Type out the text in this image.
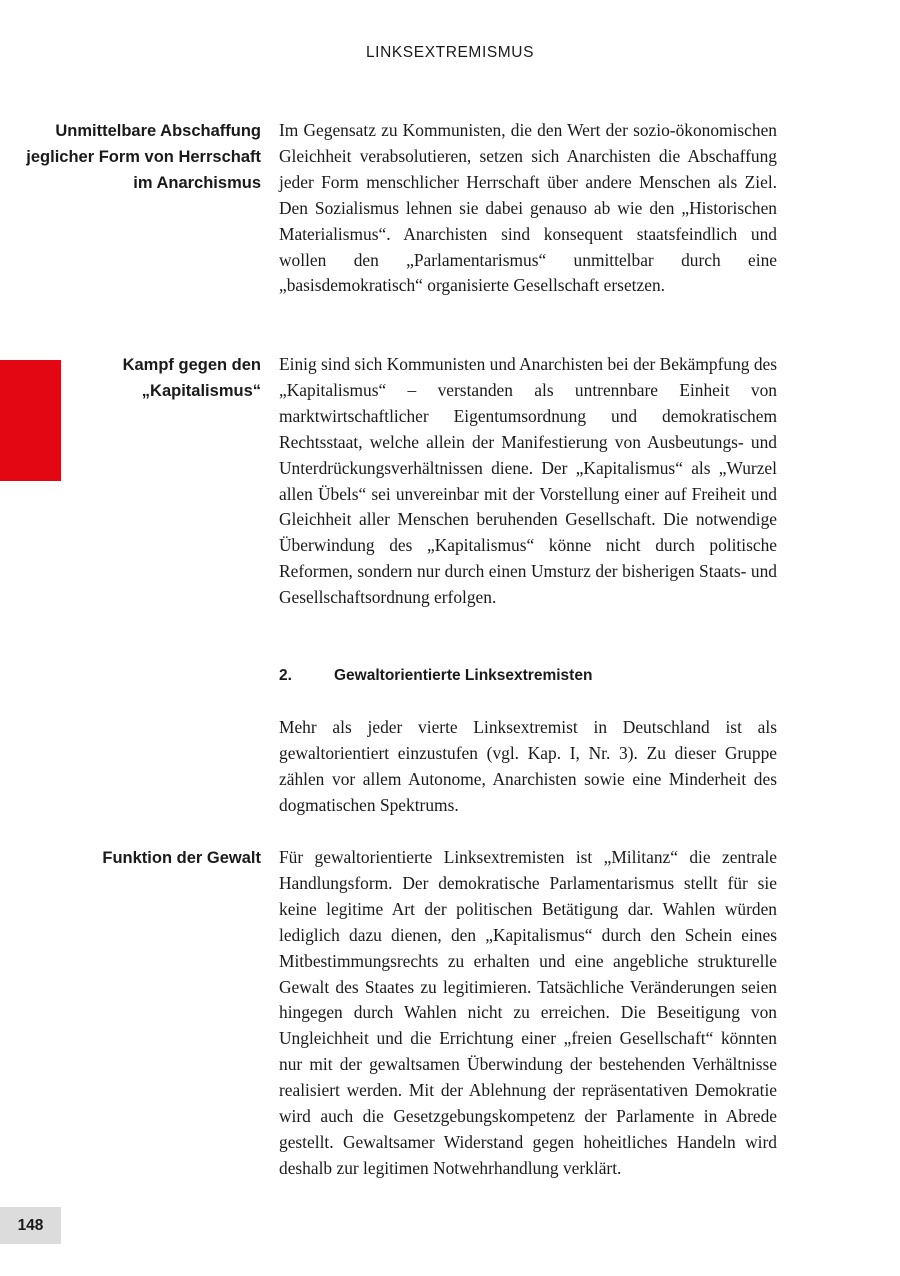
LINKSEXTREMISMUS
Unmittelbare Abschaffung jeglicher Form von Herrschaft im Anarchismus

Im Gegensatz zu Kommunisten, die den Wert der sozio-ökonomischen Gleichheit verabsolutieren, setzen sich Anarchisten die Abschaffung jeder Form menschlicher Herrschaft über andere Menschen als Ziel. Den Sozialismus lehnen sie dabei genauso ab wie den „Historischen Materialismus“. Anarchisten sind konsequent staatsfeindlich und wollen den „Parlamentarismus“ unmittelbar durch eine „basisdemokratisch“ organisierte Gesellschaft ersetzen.

Kampf gegen den „Kapitalismus“

Einig sind sich Kommunisten und Anarchisten bei der Bekämpfung des „Kapitalismus“ – verstanden als untrennbare Einheit von marktwirtschaftlicher Eigentumsordnung und demokratischem Rechtsstaat, welche allein der Manifestierung von Ausbeutungs- und Unterdrückungsverhältnissen diene. Der „Kapitalismus“ als „Wurzel allen Übels“ sei unvereinbar mit der Vorstellung einer auf Freiheit und Gleichheit aller Menschen beruhenden Gesellschaft. Die notwendige Überwindung des „Kapitalismus“ könne nicht durch politische Reformen, sondern nur durch einen Umsturz der bisherigen Staats- und Gesellschaftsordnung erfolgen.

2.	Gewaltorientierte Linksextremisten

Mehr als jeder vierte Linksextremist in Deutschland ist als gewaltorientiert einzustufen (vgl. Kap. I, Nr. 3). Zu dieser Gruppe zählen vor allem Autonome, Anarchisten sowie eine Minderheit des dogmatischen Spektrums.

Funktion der Gewalt Für gewaltorientierte Linksextremisten ist „Militanz“ die zentrale Handlungsform. Der demokratische Parlamentarismus stellt für sie keine legitime Art der politischen Betätigung dar. Wahlen würden lediglich dazu dienen, den „Kapitalismus“ durch den Schein eines Mitbestimmungsrechts zu erhalten und eine angebliche strukturelle Gewalt des Staates zu legitimieren. Tatsächliche Veränderungen seien hingegen durch Wahlen nicht zu erreichen. Die Beseitigung von Ungleichheit und die Errichtung einer „freien Gesellschaft“ könnten nur mit der gewaltsamen Überwindung der bestehenden Verhältnisse realisiert werden. Mit der Ablehnung der repräsentativen Demokratie wird auch die Gesetzgebungskompetenz der Parlamente in Abrede gestellt. Gewaltsamer Widerstand gegen hoheitliches Handeln wird deshalb zur legitimen Notwehrhandlung verklärt.

148
